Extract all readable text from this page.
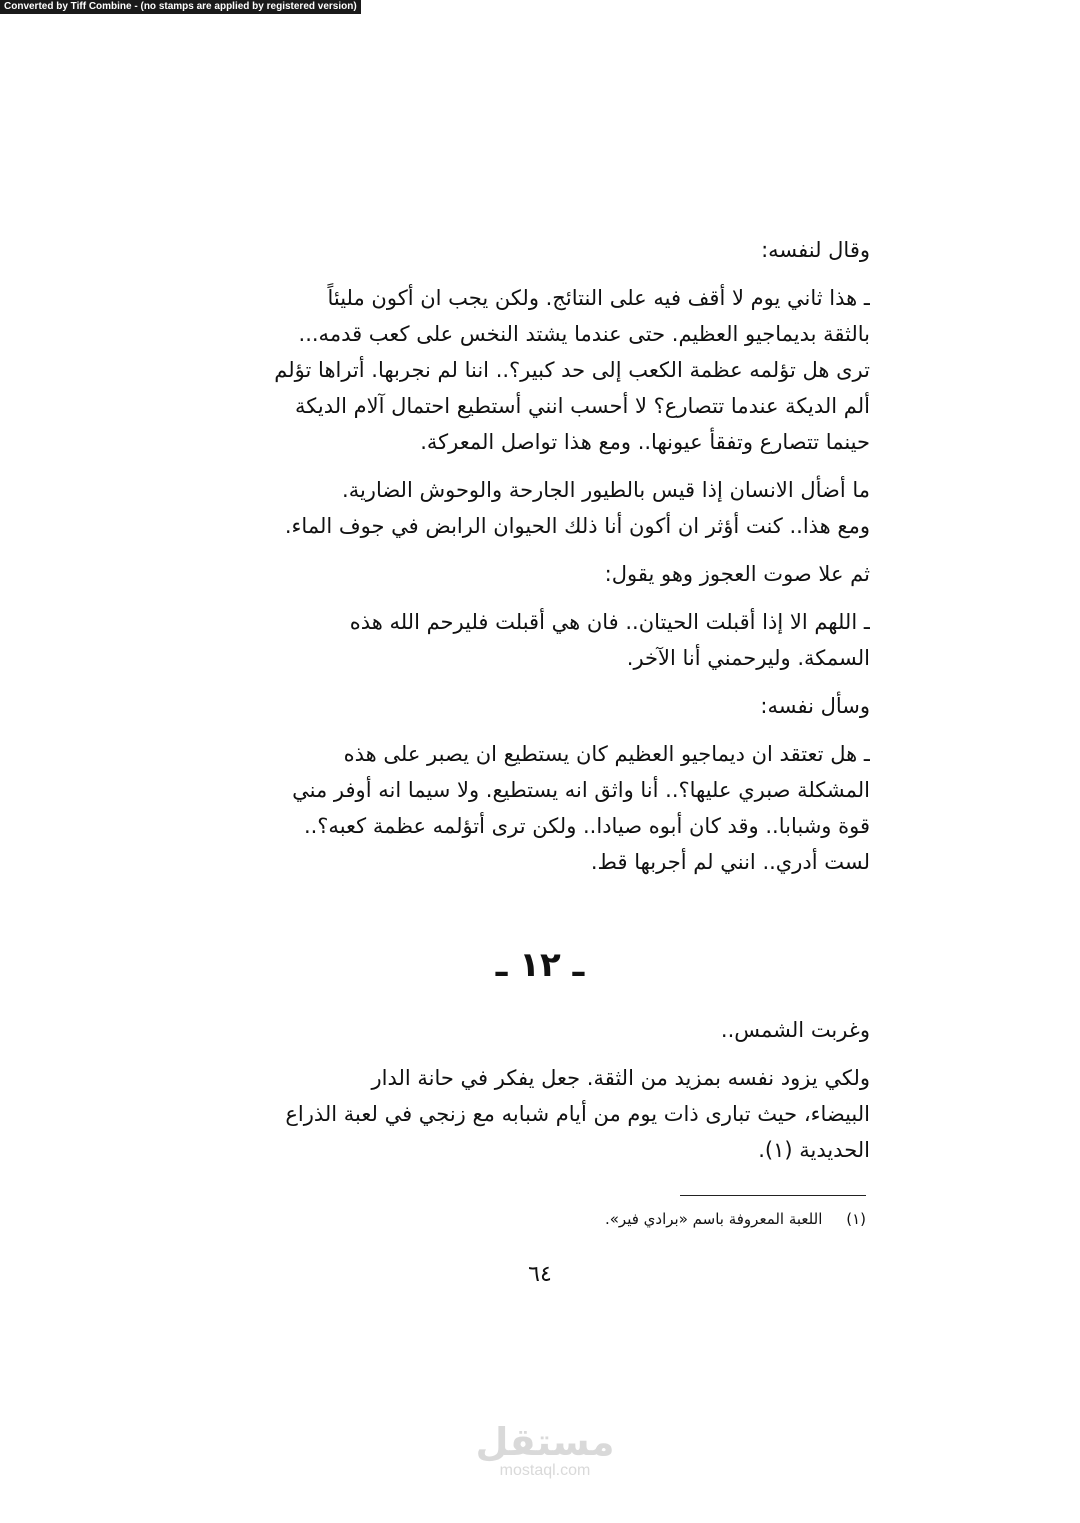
Converted by Tiff Combine - (no stamps are applied by registered version)
وقال لنفسه:
ـ هذا ثاني يوم لا أقف فيه على النتائج. ولكن يجب ان أكون مليئاً
بالثقة بديماجيو العظيم. حتى عندما يشتد النخس على كعب قدمه...
ترى هل تؤلمه عظمة الكعب إلى حد كبير؟.. اننا لم نجربها. أتراها تؤلم
ألم الديكة عندما تتصارع؟ لا أحسب انني أستطيع احتمال آلام الديكة
حينما تتصارع وتفقأ عيونها.. ومع هذا تواصل المعركة.
ما أضأل الانسان إذا قيس بالطيور الجارحة والوحوش الضارية.
ومع هذا.. كنت أؤثر ان أكون أنا ذلك الحيوان الرابض في جوف الماء.
ثم علا صوت العجوز وهو يقول:
ـ اللهم الا إذا أقبلت الحيتان.. فان هي أقبلت فليرحم الله هذه
السمكة. وليرحمني أنا الآخر.
وسأل نفسه:
ـ هل تعتقد ان ديماجيو العظيم كان يستطيع ان يصبر على هذه
المشكلة صبري عليها؟.. أنا واثق انه يستطيع. ولا سيما انه أوفر مني
قوة وشبابا.. وقد كان أبوه صيادا.. ولكن ترى أتؤلمه عظمة كعبه؟..
لست أدري.. انني لم أجربها قط.
ـ ١٢ ـ
وغربت الشمس..
ولكي يزود نفسه بمزيد من الثقة. جعل يفكر في حانة الدار
البيضاء، حيث تبارى ذات يوم من أيام شبابه مع زنجي في لعبة الذراع
الحديدية (١).
(١)     اللعبة المعروفة باسم «برادي فير».
٦٤
مستقل
mostaql.com
